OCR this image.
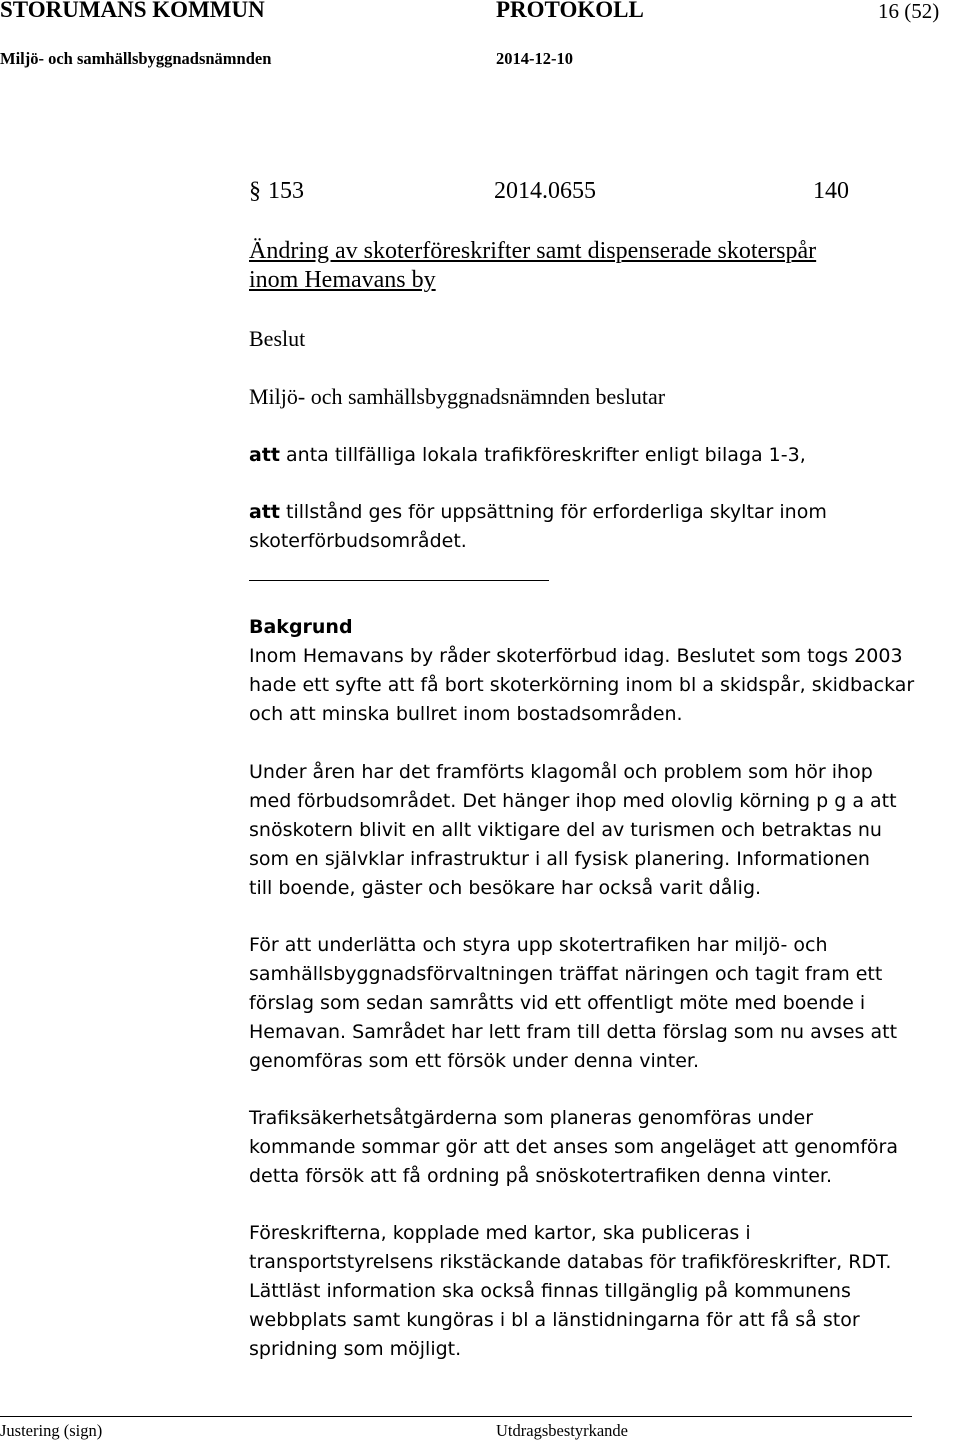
STORUMANS KOMMUN	PROTOKOLL	16 (52)
Miljö- och samhällsbyggnadsnämnden	2014-12-10
§ 153	2014.0655	140

Ändring av skoterföreskrifter samt dispenserade skoterspår

inom Hemavans by

Beslut
Miljö- och samhällsbyggnadsnämnden beslutar

att anta tillfälliga lokala trafikföreskrifter enligt bilaga 1-3,

att tillstånd ges för uppsättning för erforderliga skyltar inom

skoterförbudsområdet.

Bakgrund

Inom Hemavans by råder skoterförbud idag. Beslutet som togs 2003

hade ett syfte att få bort skoterkörning inom bl a skidspår, skidbackar

och att minska bullret inom bostadsområden.

Under åren har det framförts klagomål och problem som hör ihop

med förbudsområdet. Det hänger ihop med olovlig körning p g a att

snöskotern blivit en allt viktigare del av turismen och betraktas nu

som en självklar infrastruktur i all fysisk planering. Informationen

till boende, gäster och besökare har också varit dålig.

För att underlätta och styra upp skotertrafiken har miljö- och

samhällsbyggnadsförvaltningen träffat näringen och tagit fram ett

förslag som sedan samråtts vid ett offentligt möte med boende i

Hemavan. Samrådet har lett fram till detta förslag som nu avses att

genomföras som ett försök under denna vinter.

Trafiksäkerhetsåtgärderna som planeras genomföras under

kommande sommar gör att det anses som angeläget att genomföra

detta försök att få ordning på snöskotertrafiken denna vinter.

Föreskrifterna, kopplade med kartor, ska publiceras i

transportstyrelsens rikstäckande databas för trafikföreskrifter, RDT.

Lättläst information ska också finnas tillgänglig på kommunens

webbplats samt kungöras i bl a länstidningarna för att få så stor

spridning som möjligt.

Justering (sign)	Utdragsbestyrkande
